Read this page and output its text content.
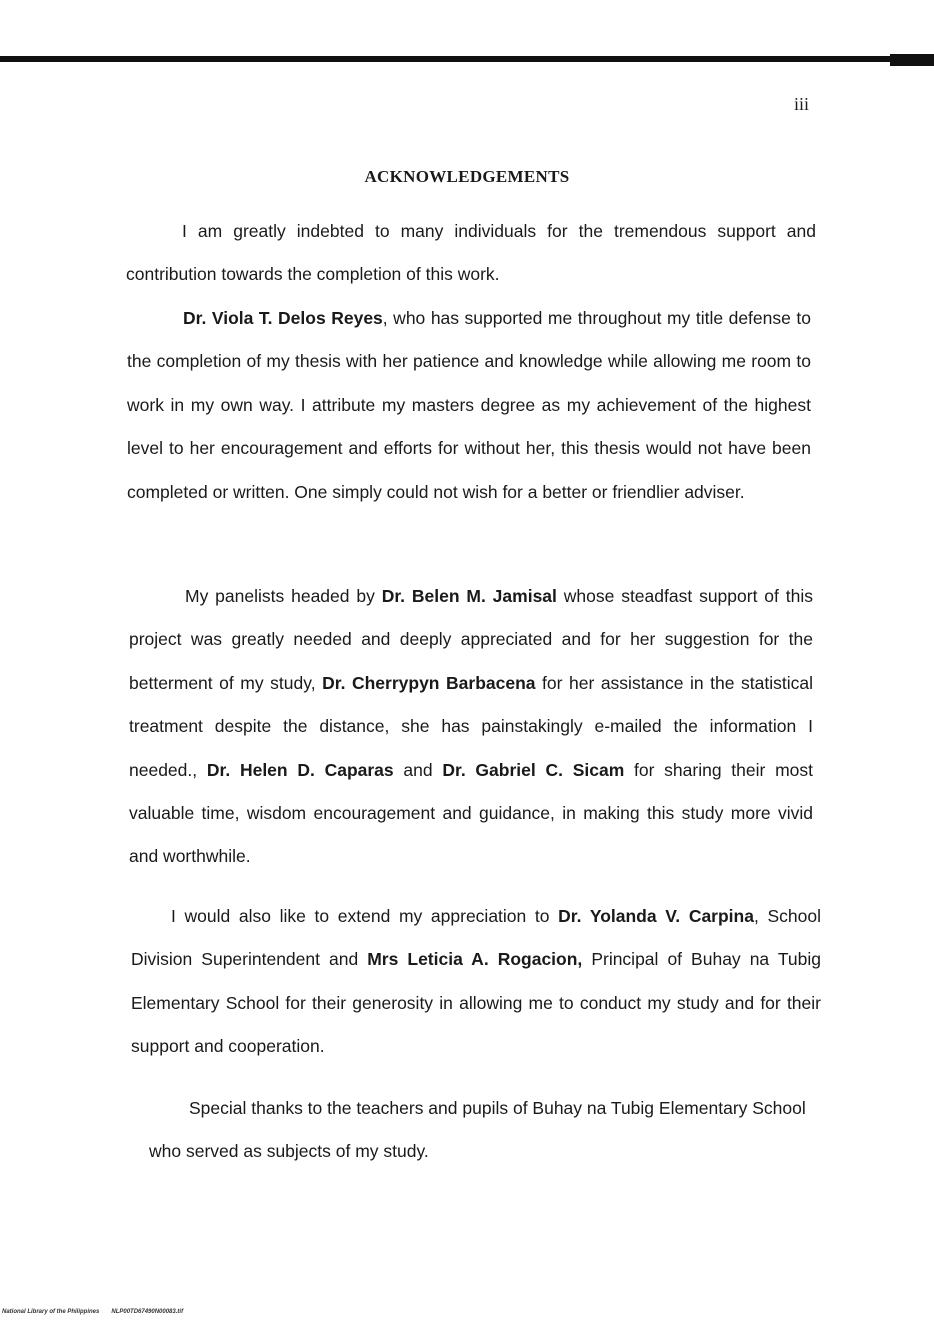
iii
ACKNOWLEDGEMENTS

I am greatly indebted to many individuals for the tremendous support and contribution towards the completion of this work.

Dr. Viola T. Delos Reyes, who has supported me throughout my title defense to the completion of my thesis with her patience and knowledge while allowing me room to work in my own way. I attribute my masters degree as my achievement of the highest level to her encouragement and efforts for without her, this thesis would not have been completed or written. One simply could not wish for a better or friendlier adviser.

My panelists headed by Dr. Belen M. Jamisal whose steadfast support of this project was greatly needed and deeply appreciated and for her suggestion for the betterment of my study, Dr. Cherrypyn Barbacena for her assistance in the statistical treatment despite the distance, she has painstakingly e-mailed the information I needed., Dr. Helen D. Caparas and Dr. Gabriel C. Sicam for sharing their most valuable time, wisdom encouragement and guidance, in making this study more vivid and worthwhile.

I would also like to extend my appreciation to Dr. Yolanda V. Carpina, School Division Superintendent and Mrs Leticia A. Rogacion, Principal of Buhay na Tubig Elementary School for their generosity in allowing me to conduct my study and for their support and cooperation.

Special thanks to the teachers and pupils of Buhay na Tubig Elementary School who served as subjects of my study.

National Library of the Philippines NLP00TD67490N00083.tif
